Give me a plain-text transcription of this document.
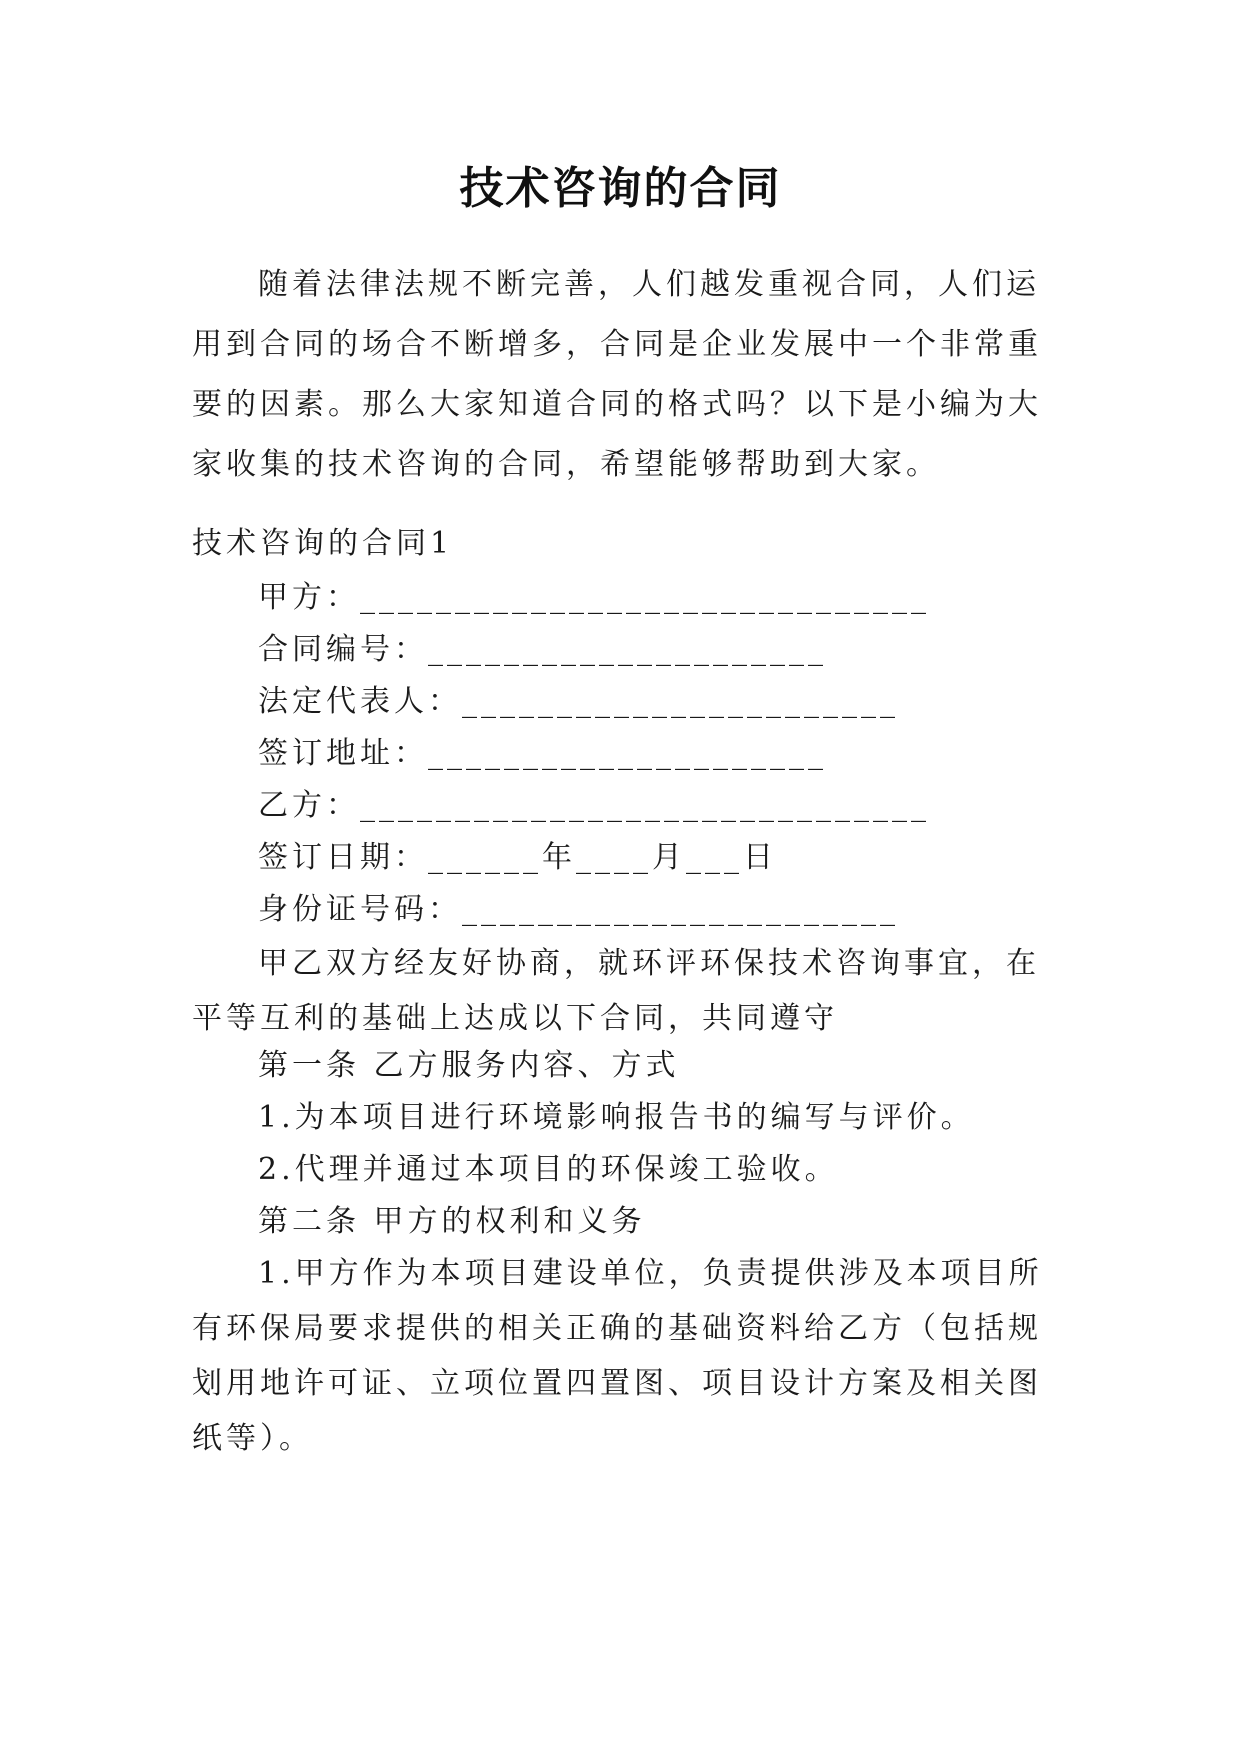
技术咨询的合同

随着法律法规不断完善，人们越发重视合同，人们运用到合同的场合不断增多，合同是企业发展中一个非常重要的因素。那么大家知道合同的格式吗？以下是小编为大家收集的技术咨询的合同，希望能够帮助到大家。

技术咨询的合同1
甲方：______________________________
合同编号：_____________________
法定代表人：_______________________
签订地址：_____________________
乙方：______________________________
签订日期：______年____月___日
身份证号码：_______________________

甲乙双方经友好协商，就环评环保技术咨询事宜，在平等互利的基础上达成以下合同，共同遵守

第一条 乙方服务内容、方式
1.为本项目进行环境影响报告书的编写与评价。
2.代理并通过本项目的环保竣工验收。
第二条 甲方的权利和义务

1.甲方作为本项目建设单位，负责提供涉及本项目所有环保局要求提供的相关正确的基础资料给乙方（包括规划用地许可证、立项位置四置图、项目设计方案及相关图纸等）。
